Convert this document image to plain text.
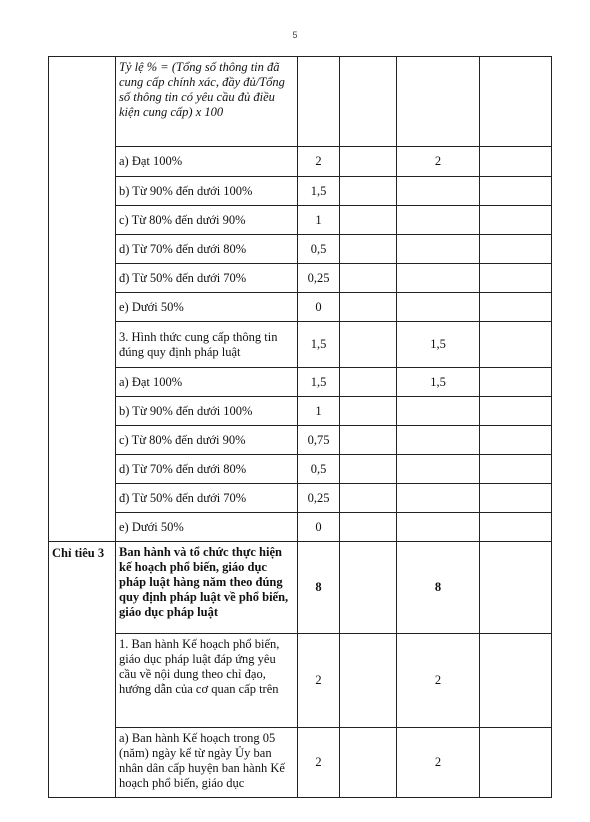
5
	Tỷ lệ % = (Tổng số thông tin đã cung cấp chính xác, đầy đủ/Tổng số thông tin có yêu cầu đủ điều kiện cung cấp) x 100				
	a) Đạt 100%	2		2	
	b) Từ 90% đến dưới 100%	1,5			
	c) Từ 80% đến dưới 90%	1			
	d) Từ 70% đến dưới 80%	0,5			
	đ) Từ 50% đến dưới 70%	0,25			
	e) Dưới 50%	0			
	3. Hình thức cung cấp thông tin đúng quy định pháp luật	1,5		1,5	
	a) Đạt 100%	1,5		1,5	
	b) Từ 90% đến dưới 100%	1			
	c) Từ 80% đến dưới 90%	0,75			
	d) Từ 70% đến dưới 80%	0,5			
	đ) Từ 50% đến dưới 70%	0,25			
	e) Dưới 50%	0			
Chỉ tiêu 3	Ban hành và tổ chức thực hiện kế hoạch phổ biến, giáo dục pháp luật hàng năm theo đúng quy định pháp luật về phổ biến, giáo dục pháp luật	8		8	
	1. Ban hành Kế hoạch phổ biến, giáo dục pháp luật đáp ứng yêu cầu về nội dung theo chỉ đạo, hướng dẫn của cơ quan cấp trên	2		2	
	a) Ban hành Kế hoạch trong 05 (năm) ngày kể từ ngày Ủy ban nhân dân cấp huyện ban hành Kế hoạch phổ biến, giáo dục	2		2	
